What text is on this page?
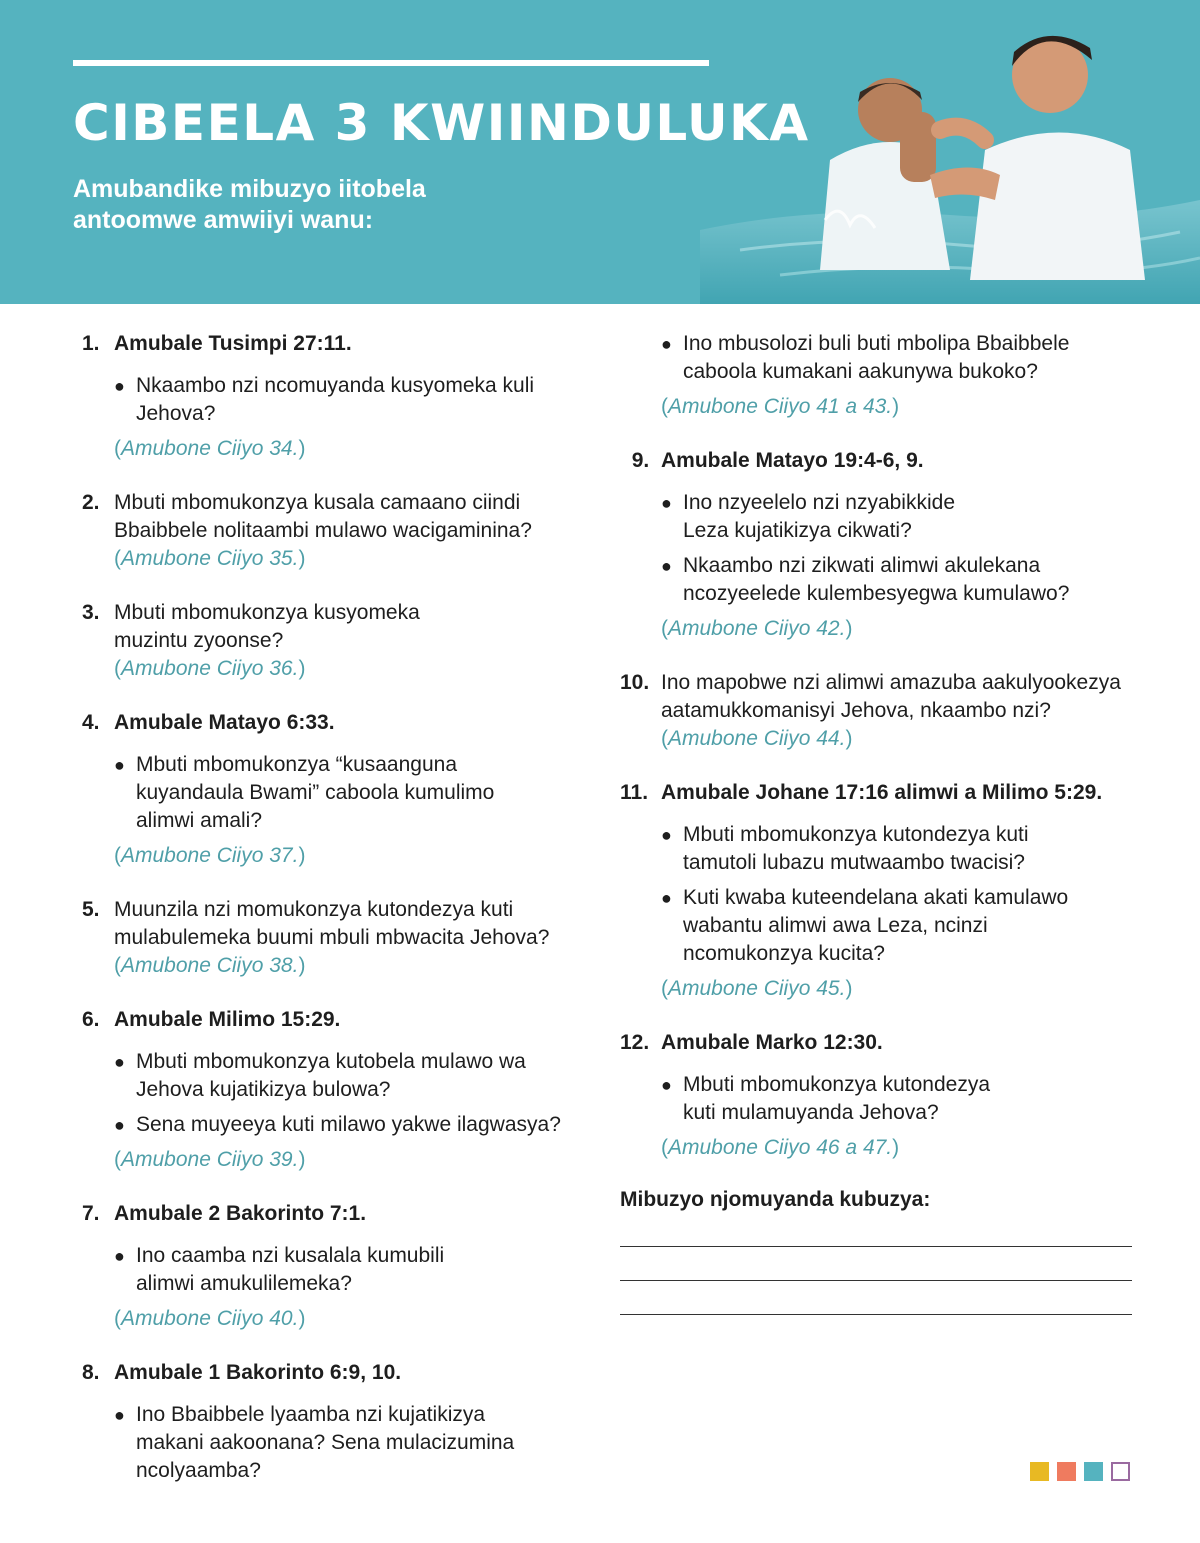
CIBEELA 3 KWIINDULUKA
Amubandike mibuzyo iitobela antoomwe amwiiyi wanu:
1. Amubale Tusimpi 27:11.
● Nkaambo nzi ncomuyanda kusyomeka kuli Jehova?
(Amubone Ciiyo 34.)
2. Mbuti mbomukonzya kusala camaano ciindi Bbaibbele nolitaambi mulawo wacigaminina?
(Amubone Ciiyo 35.)
3. Mbuti mbomukonzya kusyomeka muzintu zyoonse?
(Amubone Ciiyo 36.)
4. Amubale Matayo 6:33.
● Mbuti mbomukonzya “kusaanguna kuyandaula Bwami” caboola kumulimo alimwi amali?
(Amubone Ciiyo 37.)
5. Muunzila nzi momukonzya kutondezya kuti mulabulemeka buumi mbuli mbwacita Jehova?
(Amubone Ciiyo 38.)
6. Amubale Milimo 15:29.
● Mbuti mbomukonzya kutobela mulawo wa Jehova kujatikizya bulowa?
● Sena muyeeya kuti milawo yakwe ilagwasya?
(Amubone Ciiyo 39.)
7. Amubale 2 Bakorinto 7:1.
● Ino caamba nzi kusalala kumubili alimwi amukulilemeka?
(Amubone Ciiyo 40.)
8. Amubale 1 Bakorinto 6:9, 10.
● Ino Bbaibbele lyaamba nzi kujatikizya makani aakoonana? Sena mulacizumina ncolyaamba?
● Ino mbusolozi buli buti mbolipa Bbaibbele caboola kumakani aakunywa bukoko?
(Amubone Ciiyo 41 a 43.)
9. Amubale Matayo 19:4-6, 9.
● Ino nzyeelelo nzi nzyabikkide Leza kujatikizya cikwati?
● Nkaambo nzi zikwati alimwi akulekana ncozyeelede kulembesyegwa kumulawo?
(Amubone Ciiyo 42.)
10. Ino mapobwe nzi alimwi amazuba aakulyookezya aatamukkomanisyi Jehova, nkaambo nzi? (Amubone Ciiyo 44.)
11. Amubale Johane 17:16 alimwi a Milimo 5:29.
● Mbuti mbomukonzya kutondezya kuti tamutoli lubazu mutwaambo twacisi?
● Kuti kwaba kuteendelana akati kamulawo wabantu alimwi awa Leza, ncinzi ncomukonzya kucita?
(Amubone Ciiyo 45.)
12. Amubale Marko 12:30.
● Mbuti mbomukonzya kutondezya kuti mulamuyanda Jehova?
(Amubone Ciiyo 46 a 47.)
Mibuzyo njomuyanda kubuzya:
